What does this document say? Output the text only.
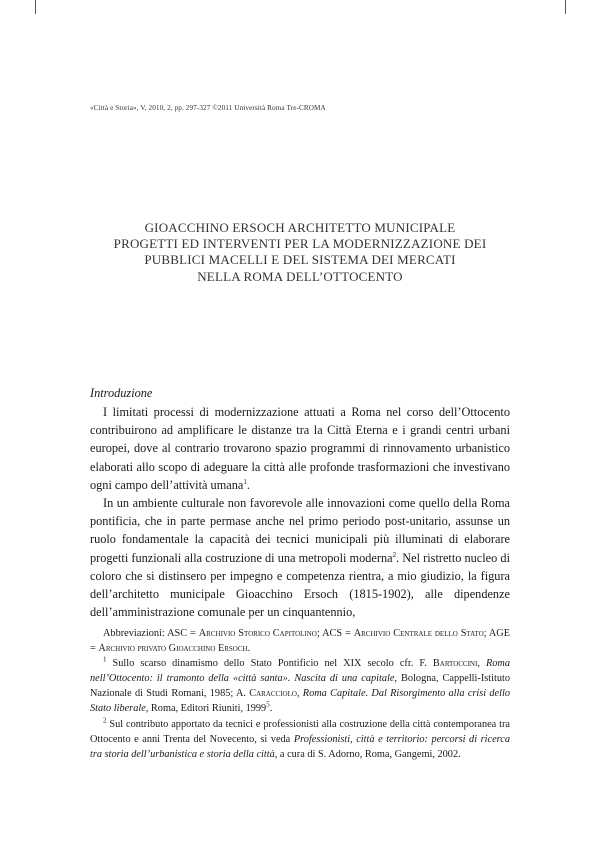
«Città e Storia», V, 2010, 2, pp. 297-327 ©2011 Università Roma Tre-CROMA
GIOACCHINO ERSOCH ARCHITETTO MUNICIPALE
PROGETTI ED INTERVENTI PER LA MODERNIZZAZIONE DEI
PUBBLICI MACELLI E DEL SISTEMA DEI MERCATI
NELLA ROMA DELL’OTTOCENTO
Introduzione

I limitati processi di modernizzazione attuati a Roma nel corso dell’Ottocento contribuirono ad amplificare le distanze tra la Città Eterna e i grandi centri urbani europei, dove al contrario trovarono spazio programmi di rinnovamento urbanistico elaborati allo scopo di adeguare la città alle profonde trasformazioni che investivano ogni campo dell’attività umana$^1$.

In un ambiente culturale non favorevole alle innovazioni come quello della Roma pontificia, che in parte permase anche nel primo periodo post-unitario, assunse un ruolo fondamentale la capacità dei tecnici municipali più illuminati di elaborare progetti funzionali alla costruzione di una metropoli moderna$^2$. Nel ristretto nucleo di coloro che si distinsero per impegno e competenza rientra, a mio giudizio, la figura dell’architetto municipale Gioacchino Ersoch (1815-1902), alle dipendenze dell’amministrazione comunale per un cinquantennio,

Abbreviazioni: ASC = Archivio Storico Capitolino; ACS = Archivio Centrale dello Stato; AGE = Archivio privato Gioacchino Ersoch.

$^1$ Sullo scarso dinamismo dello Stato Pontificio nel XIX secolo cfr. F. Bartoccini, Roma nell’Ottocento: il tramonto della «città santa». Nascita di una capitale, Bologna, Cappelli-Istituto Nazionale di Studi Romani, 1985; A. Caracciolo, Roma Capitale. Dal Risorgimento alla crisi dello Stato liberale, Roma, Editori Riuniti, 1999$^5$.

$^2$ Sul contributo apportato da tecnici e professionisti alla costruzione della città contemporanea tra Ottocento e anni Trenta del Novecento, si veda Professionisti, città e territorio: percorsi di ricerca tra storia dell’urbanistica e storia della città, a cura di S. Adorno, Roma, Gangemi, 2002.
